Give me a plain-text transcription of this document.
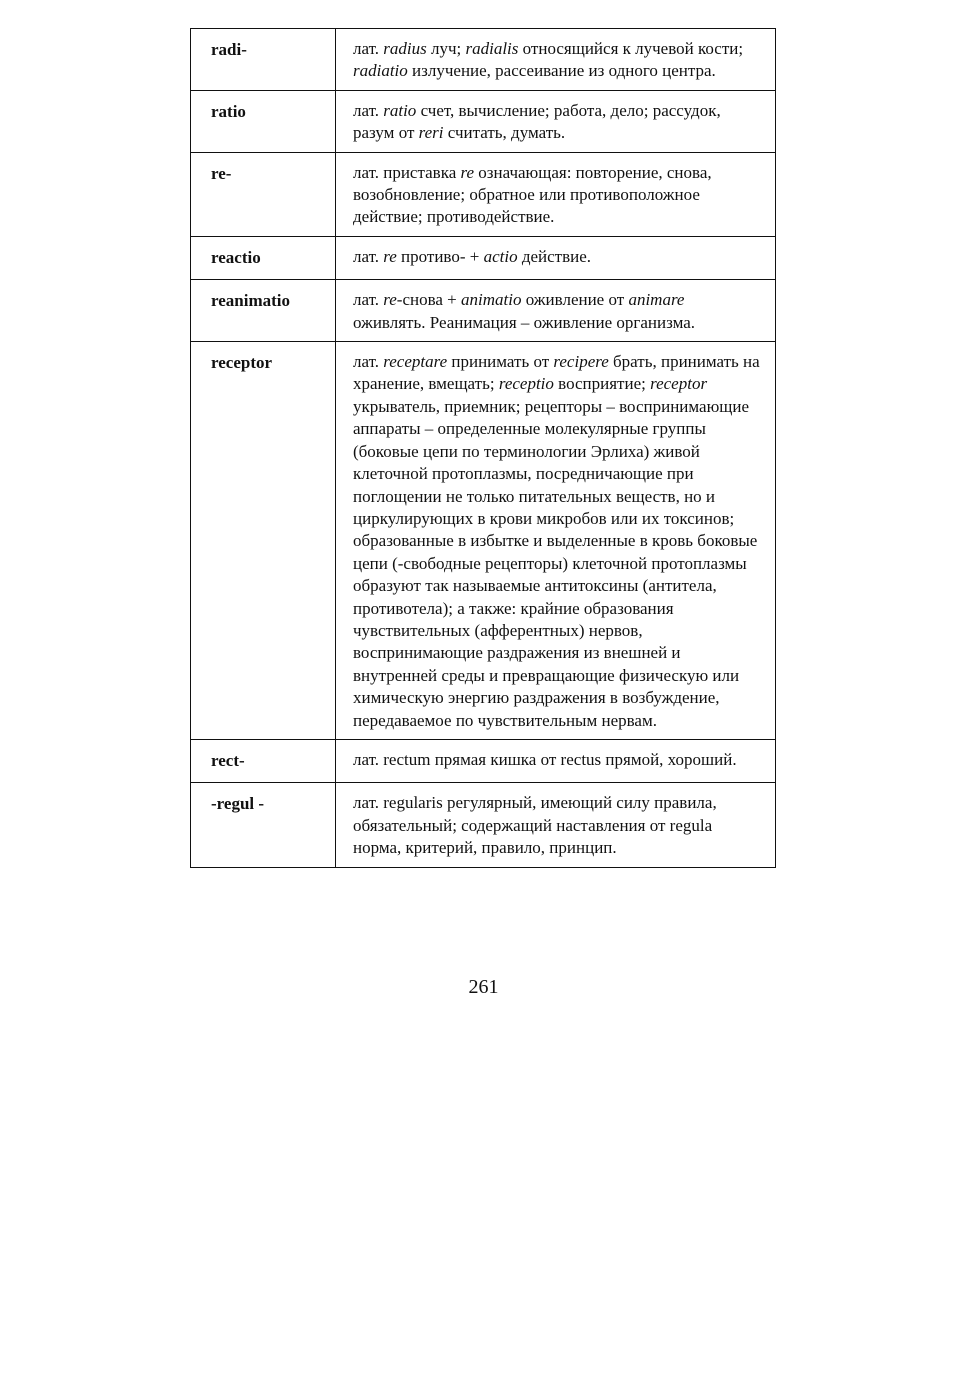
radi-	лат. radius луч; radialis относящийся к лучевой кости; radiatio излучение, рассеивание из одного центра.
ratio	лат. ratio счет, вычисление; работа, дело; рассудок, разум от reri считать, думать.
re-	лат. приставка re означающая: повторение, снова, возобновление; обратное или противоположное действие; противодействие.
reactio	лат. re противо- + actio действие.
reanimatio	лат. re-снова + animatio оживление от animare оживлять. Реанимация – оживление организма.
receptor	лат. receptare принимать от recipere брать, принимать на хранение, вмещать; receptio восприятие; receptor укрыватель, приемник; рецепторы – воспринимающие аппараты – определенные молекулярные группы (боковые цепи по терминологии Эрлиха) живой клеточной протоплазмы, посредничающие при поглощении не только питательных веществ, но и циркулирующих в крови микробов или их токсинов; образованные в избытке и выделенные в кровь боковые цепи (-свободные рецепторы) клеточной протоплазмы образуют так называемые антитоксины (антитела, противотела); а также: крайние образования чувствительных (афферентных) нервов, воспринимающие раздражения из внешней и внутренней среды и превращающие физическую или химическую энергию раздражения в возбуждение, передаваемое по чувствительным нервам.
rect-	лат. rectum прямая кишка от rectus прямой, хороший.
-regul -	лат. regularis регулярный, имеющий силу правила, обязательный; содержащий наставления от regula норма, критерий, правило, принцип.
261
